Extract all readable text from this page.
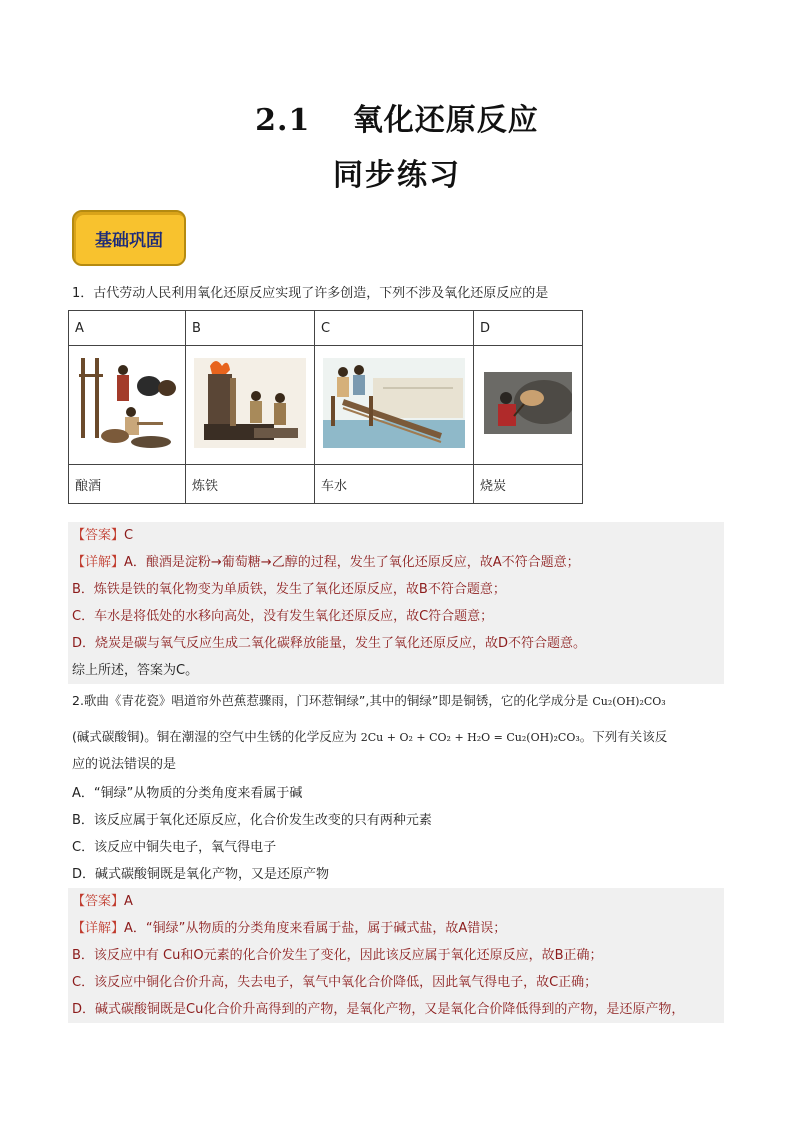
2.1　 氧化还原反应
同步练习
基础巩固
1．古代劳动人民利用氧化还原反应实现了许多创造，下列不涉及氧化还原反应的是
A	B	C	D

酿酒	炼铁	车水	烧炭
【答案】C
【详解】A．酿酒是淀粉→葡萄糖→乙醇的过程，发生了氧化还原反应，故A不符合题意；
B．炼铁是铁的氧化物变为单质铁，发生了氧化还原反应，故B不符合题意；
C．车水是将低处的水移向高处，没有发生氧化还原反应，故C符合题意；
D．烧炭是碳与氧气反应生成二氧化碳释放能量，发生了氧化还原反应，故D不符合题意。
综上所述，答案为C。
2.歌曲《青花瓷》唱道帘外芭蕉惹骤雨，门环惹铜绿”,其中的铜绿”即是铜锈，它的化学成分是 Cu₂(OH)₂CO₃
(碱式碳酸铜)。铜在潮湿的空气中生锈的化学反应为 2Cu + O₂ + CO₂ + H₂O = Cu₂(OH)₂CO₃。下列有关该反
应的说法错误的是
A．“铜绿”从物质的分类角度来看属于碱
B．该反应属于氧化还原反应，化合价发生改变的只有两种元素
C．该反应中铜失电子，氧气得电子
D．碱式碳酸铜既是氧化产物，又是还原产物
【答案】A
【详解】A．“铜绿”从物质的分类角度来看属于盐，属于碱式盐，故A错误；
B．该反应中有 Cu和O元素的化合价发生了变化，因此该反应属于氧化还原反应，故B正确；
C．该反应中铜化合价升高，失去电子，氧气中氧化合价降低，因此氧气得电子，故C正确；
D．碱式碳酸铜既是Cu化合价升高得到的产物，是氧化产物，又是氧化合价降低得到的产物，是还原产物，
